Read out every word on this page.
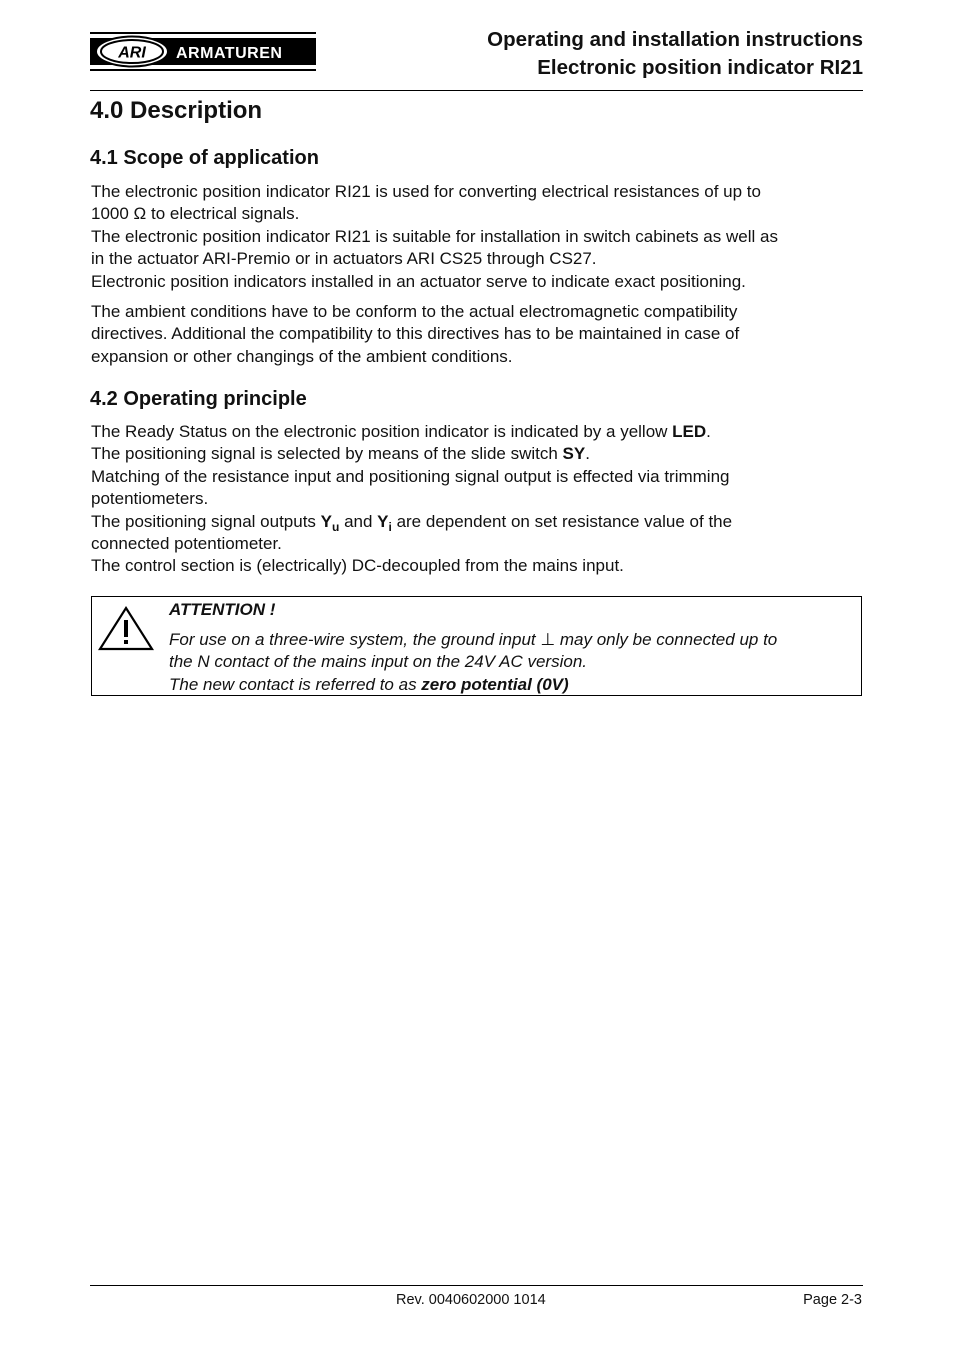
ARI ARMATUREN
Operating and installation instructions
Electronic position indicator RI21
4.0 Description
4.1 Scope of application

The electronic position indicator RI21 is used for converting electrical resistances of up to
1000 Ω to electrical signals.
The electronic position indicator RI21 is suitable for installation in switch cabinets as well as
in the actuator ARI-Premio or in actuators ARI CS25 through CS27.
Electronic position indicators installed in an actuator serve to indicate exact positioning.

The ambient conditions have to be conform to the actual electromagnetic compatibility
directives. Additional the compatibility to this directives has to be maintained in case of
expansion or other changings of the ambient conditions.

4.2 Operating principle

The Ready Status on the electronic position indicator is indicated by a yellow LED.
The positioning signal is selected by means of the slide switch SY.
Matching of the resistance input and positioning signal output is effected via trimming
potentiometers.
The positioning signal outputs $Y_u$ and $Y_i$ are dependent on set resistance value of the
connected potentiometer.
The control section is (electrically) DC-decoupled from the mains input.

ATTENTION !
For use on a three-wire system, the ground input ⊥ may only be connected up to
the N contact of the mains input on the 24V AC version.
The new contact is referred to as zero potential (0V)
Rev. 0040602000 1014	Page 2-3
